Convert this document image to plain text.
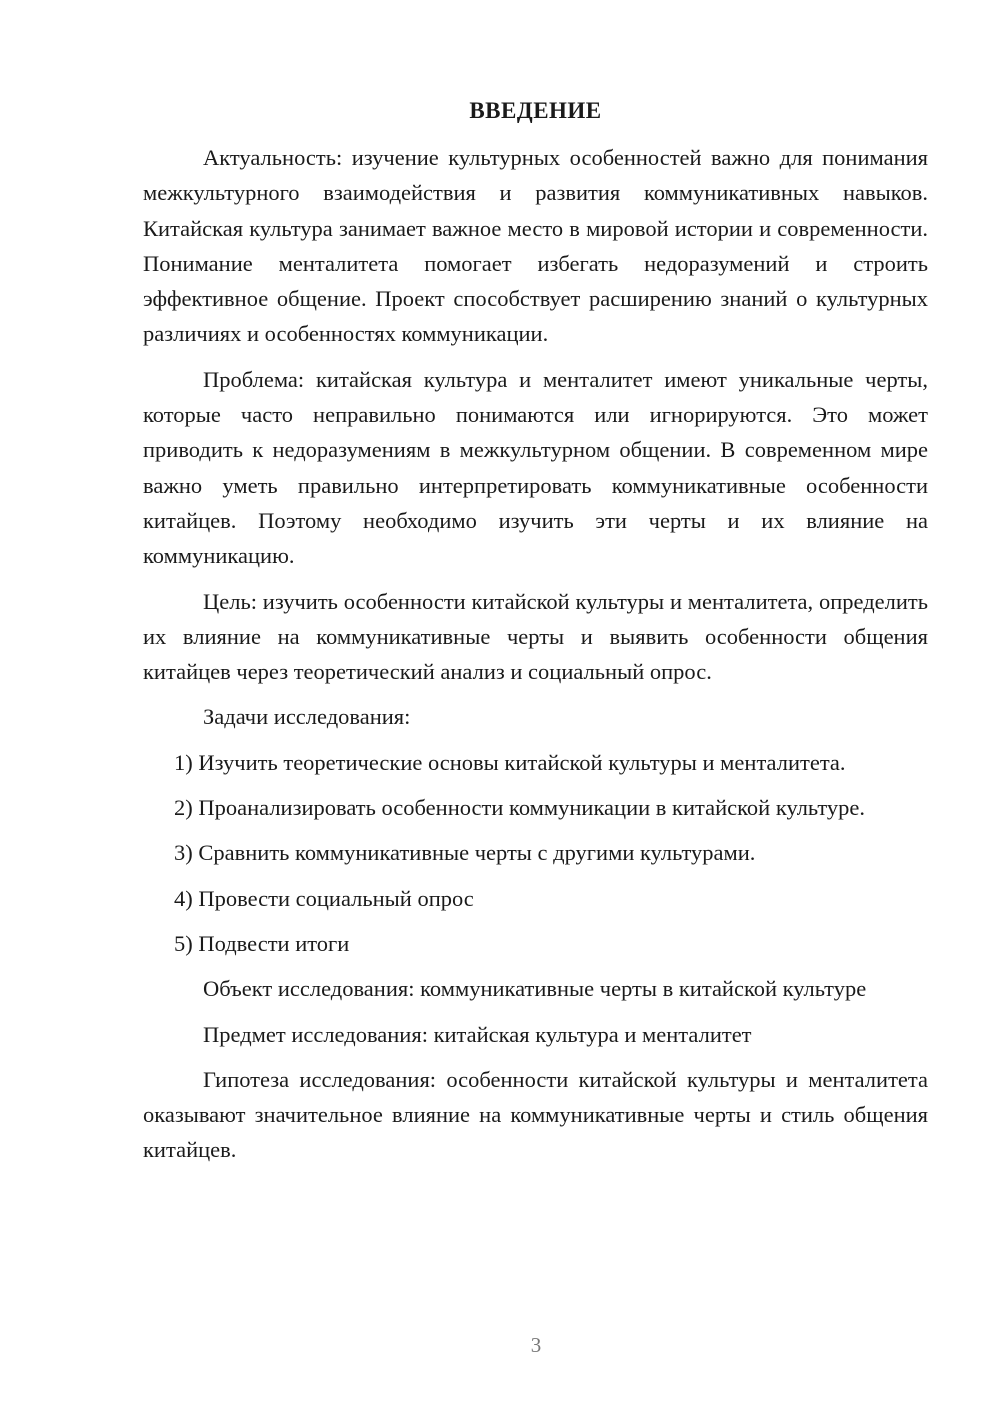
ВВЕДЕНИЕ

Актуальность: изучение культурных особенностей важно для понимания межкультурного взаимодействия и развития коммуникативных навыков. Китайская культура занимает важное место в мировой истории и современности. Понимание менталитета помогает избегать недоразумений и строить эффективное общение. Проект способствует расширению знаний о культурных различиях и особенностях коммуникации.

Проблема: китайская культура и менталитет имеют уникальные черты, которые часто неправильно понимаются или игнорируются. Это может приводить к недоразумениям в межкультурном общении. В современном мире важно уметь правильно интерпретировать коммуникативные особенности китайцев. Поэтому необходимо изучить эти черты и их влияние на коммуникацию.

Цель: изучить особенности китайской культуры и менталитета, определить их влияние на коммуникативные черты и выявить особенности общения китайцев через теоретический анализ и социальный опрос.

Задачи исследования:

1) Изучить теоретические основы китайской культуры и менталитета.

2) Проанализировать особенности коммуникации в китайской культуре.

3) Сравнить коммуникативные черты с другими культурами.

4) Провести социальный опрос

5) Подвести итоги

Объект исследования: коммуникативные черты в китайской культуре

Предмет исследования: китайская культура и менталитет

Гипотеза исследования: особенности китайской культуры и менталитета оказывают значительное влияние на коммуникативные черты и стиль общения китайцев.

3
